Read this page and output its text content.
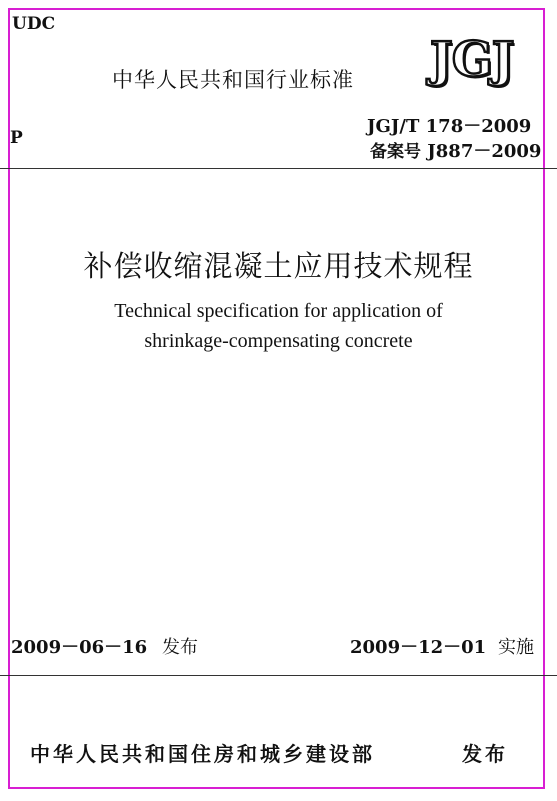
UDC
中华人民共和国行业标准 JGJ
JGJ/T 178－2009
P
备案号 J887－2009
补偿收缩混凝土应用技术规程
Technical specification for application of
shrinkage-compensating concrete
2009－06－16 发布	2009－12－01 实施
中华人民共和国住房和城乡建设部	发布
